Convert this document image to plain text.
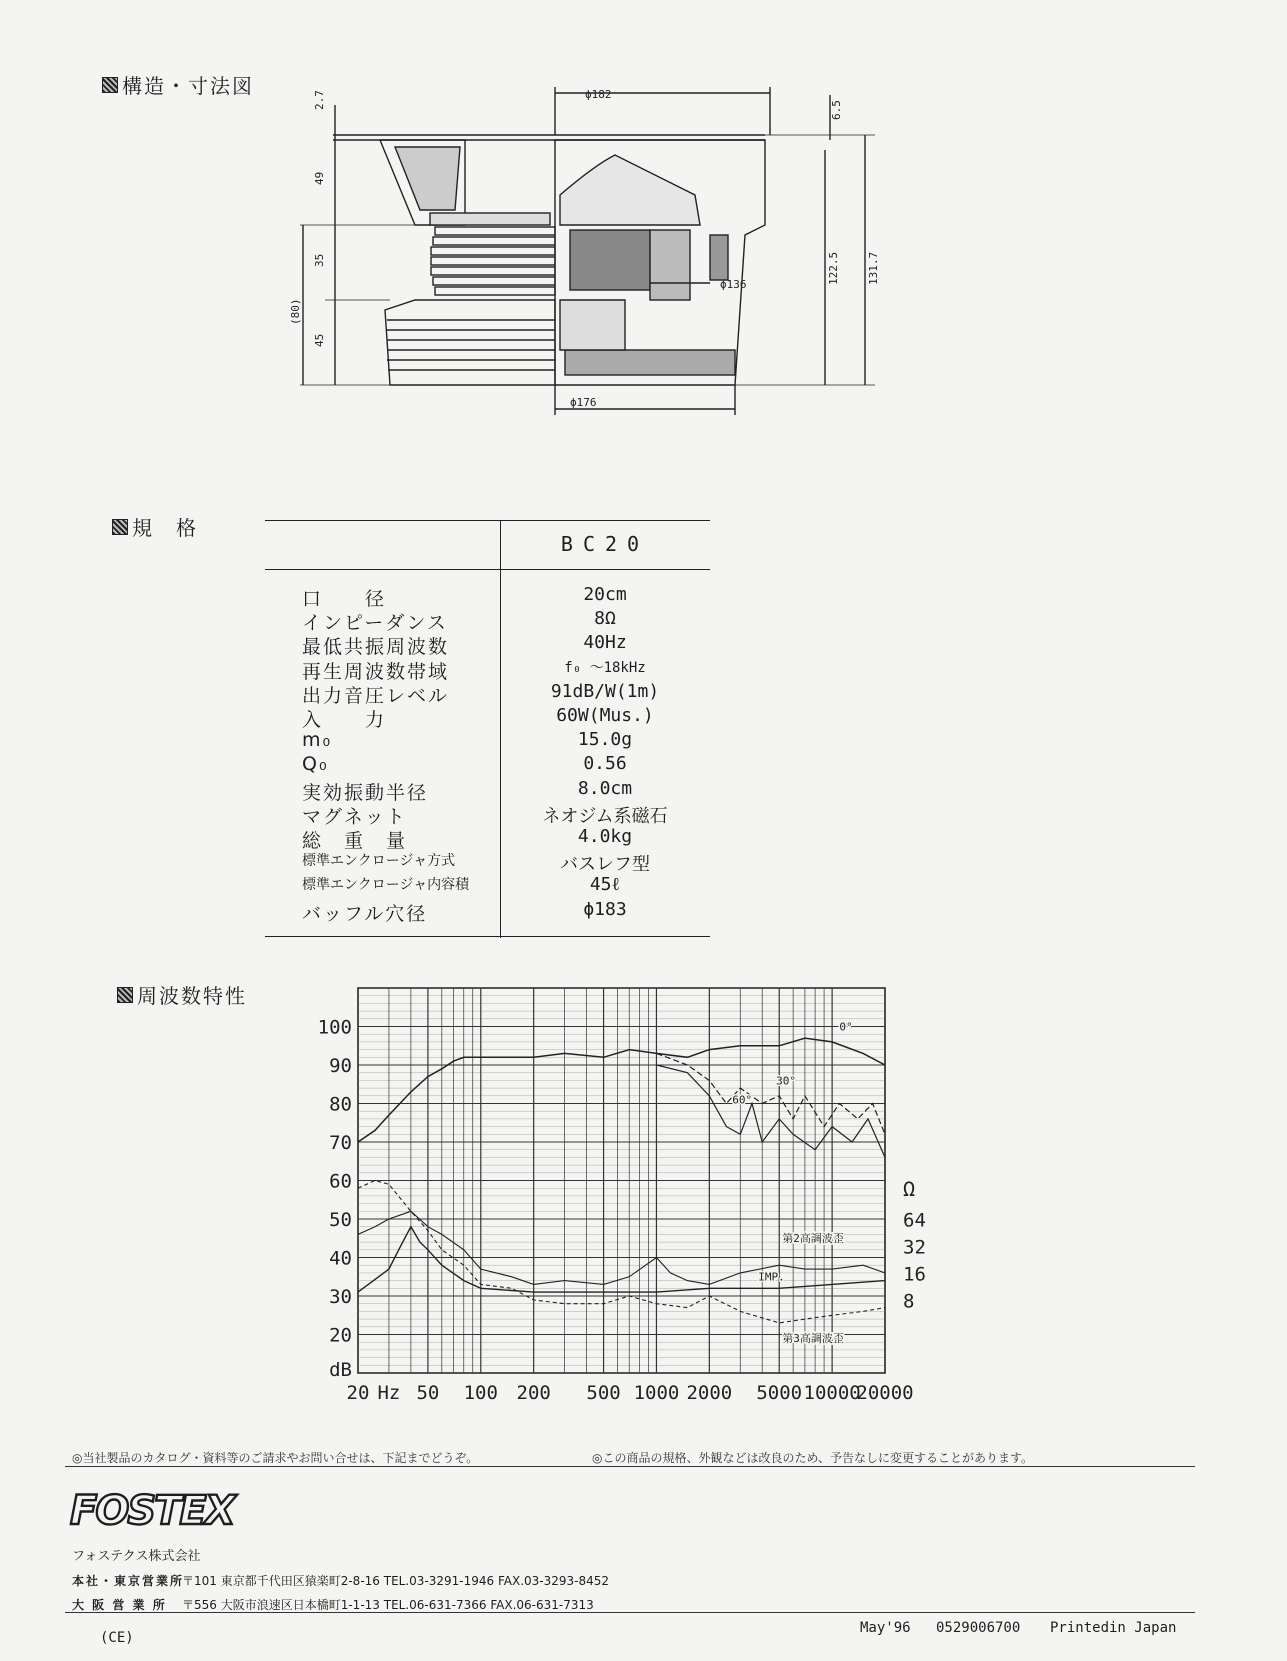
構造・寸法図	ϕ182
ϕ136
ϕ176
2.7
49
35
(80)
45
6.5
122.5 131.7
規　格
BC20
口　　径	20cm
インピーダンス	8Ω
最低共振周波数	40Hz
再生周波数帯域	f₀ ～18kHz
出力音圧レベル	91dB/W(1m)
入　　力	60W(Mus.)
m₀	15.0g
Q₀	0.56
実効振動半径	8.0cm
マグネット	ネオジム系磁石
総　重　量	4.0kg
標準エンクロージャ方式	バスレフ型
標準エンクロージャ内容積	45ℓ
バッフル穴径	ϕ183
周波数特性
100
90
80
70
60
50
40
30
20
dB
20 Hz 50 100 200 500 1000 2000 5000 10000
20000
Ω
64
32
16
8
0°
30°
60°
IMP.
第2高調波歪
第3高調波歪
◎当社製品のカタログ・資料等のご請求やお問い合せは、下記までどうぞ。	◎この商品の規格、外観などは改良のため、予告なしに変更することがあります。
FOSTEX
フォステクス株式会社
本社・東京営業所〒101 東京都千代田区猿楽町2-8-16 TEL.03-3291-1946 FAX.03-3293-8452
大 阪 営 業 所 〒556 大阪市浪速区日本橋町1-1-13 TEL.06-631-7366 FAX.06-631-7313
(CE)
May'96 0529006700 Printedin Japan
